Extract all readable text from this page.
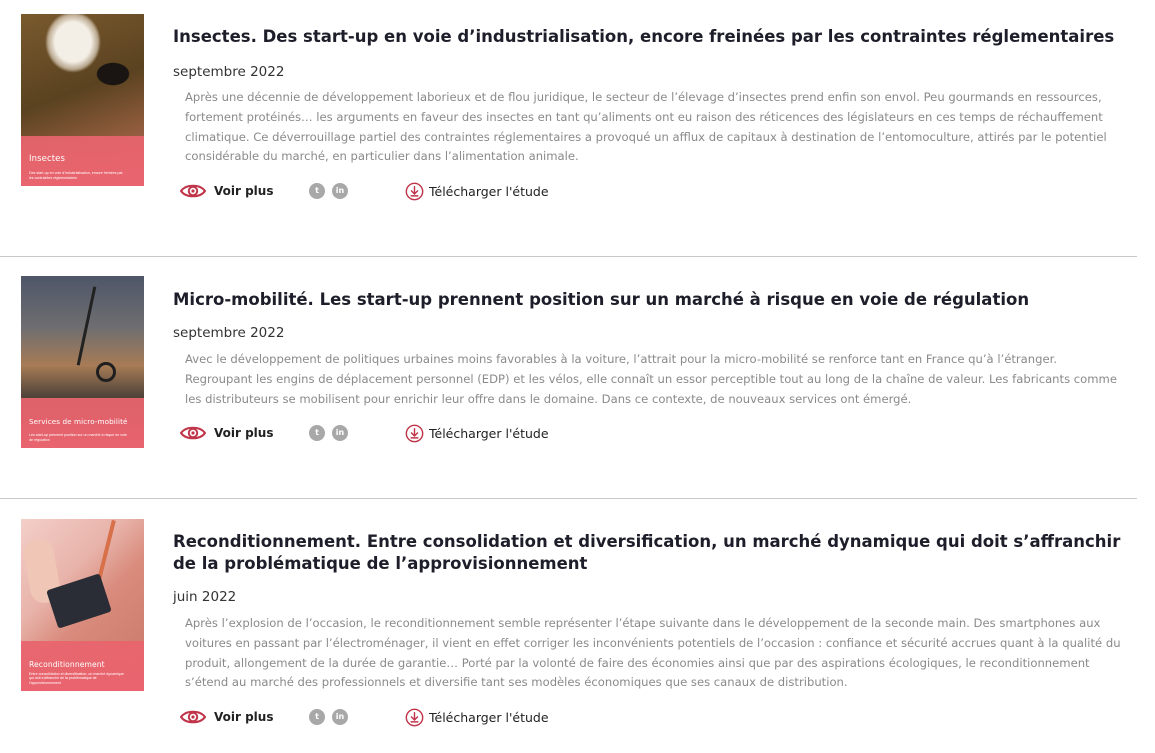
Insectes
Des start-up en voie d’industrialisation, encore freinées par les contraintes réglementaires
Insectes. Des start-up en voie d’industrialisation, encore freinées par les contraintes réglementaires
septembre 2022
Après une décennie de développement laborieux et de flou juridique, le secteur de l’élevage d’insectes prend enfin son envol. Peu gourmands en ressources, fortement protéinés… les arguments en faveur des insectes en tant qu’aliments ont eu raison des réticences des législateurs en ces temps de réchauffement climatique. Ce déverrouillage partiel des contraintes réglementaires a provoqué un afflux de capitaux à destination de l’entomoculture, attirés par le potentiel considérable du marché, en particulier dans l’alimentation animale.
Voir plus	t in	Télécharger l'étude
Services de micro-mobilité
Les start-up prennent position sur un marché à risque en voie de régulation
Micro-mobilité. Les start-up prennent position sur un marché à risque en voie de régulation
septembre 2022
Avec le développement de politiques urbaines moins favorables à la voiture, l’attrait pour la micro-mobilité se renforce tant en France qu’à l’étranger. Regroupant les engins de déplacement personnel (EDP) et les vélos, elle connaît un essor perceptible tout au long de la chaîne de valeur. Les fabricants comme les distributeurs se mobilisent pour enrichir leur offre dans le domaine. Dans ce contexte, de nouveaux services ont émergé.
Voir plus	t in	Télécharger l'étude
Reconditionnement
Entre consolidation et diversification, un marché dynamique qui doit s’affranchir de la problématique de l’approvisionnement
Reconditionnement. Entre consolidation et diversification, un marché dynamique qui doit s’affranchir de la problématique de l’approvisionnement
juin 2022
Après l’explosion de l’occasion, le reconditionnement semble représenter l’étape suivante dans le développement de la seconde main. Des smartphones aux voitures en passant par l’électroménager, il vient en effet corriger les inconvénients potentiels de l’occasion : confiance et sécurité accrues quant à la qualité du produit, allongement de la durée de garantie… Porté par la volonté de faire des économies ainsi que par des aspirations écologiques, le reconditionnement s’étend au marché des professionnels et diversifie tant ses modèles économiques que ses canaux de distribution.
Voir plus	t in	Télécharger l'étude
